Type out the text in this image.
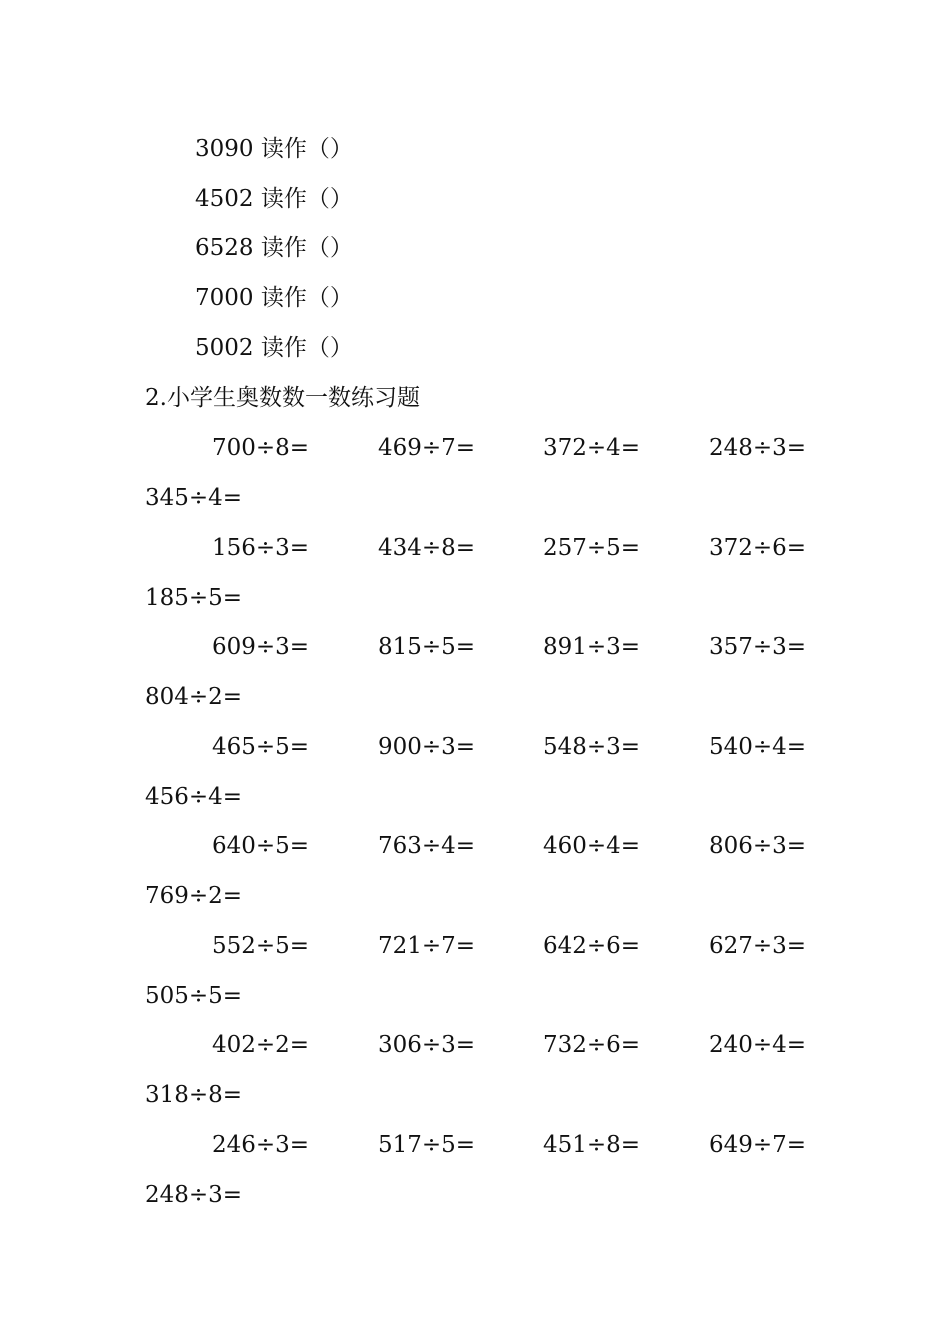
3090 读作（）
4502 读作（）
6528 读作（）
7000 读作（）
5002 读作（）
2.小学生奥数数一数练习题
700÷8=	469÷7=	372÷4=	248÷3=
345÷4=
156÷3=	434÷8=	257÷5=	372÷6=
185÷5=
609÷3=	815÷5=	891÷3=	357÷3=
804÷2=
465÷5=	900÷3=	548÷3=	540÷4=
456÷4=
640÷5=	763÷4=	460÷4=	806÷3=
769÷2=
552÷5=	721÷7=	642÷6=	627÷3=
505÷5=
402÷2=	306÷3=	732÷6=	240÷4=
318÷8=
246÷3=	517÷5=	451÷8=	649÷7=
248÷3=
